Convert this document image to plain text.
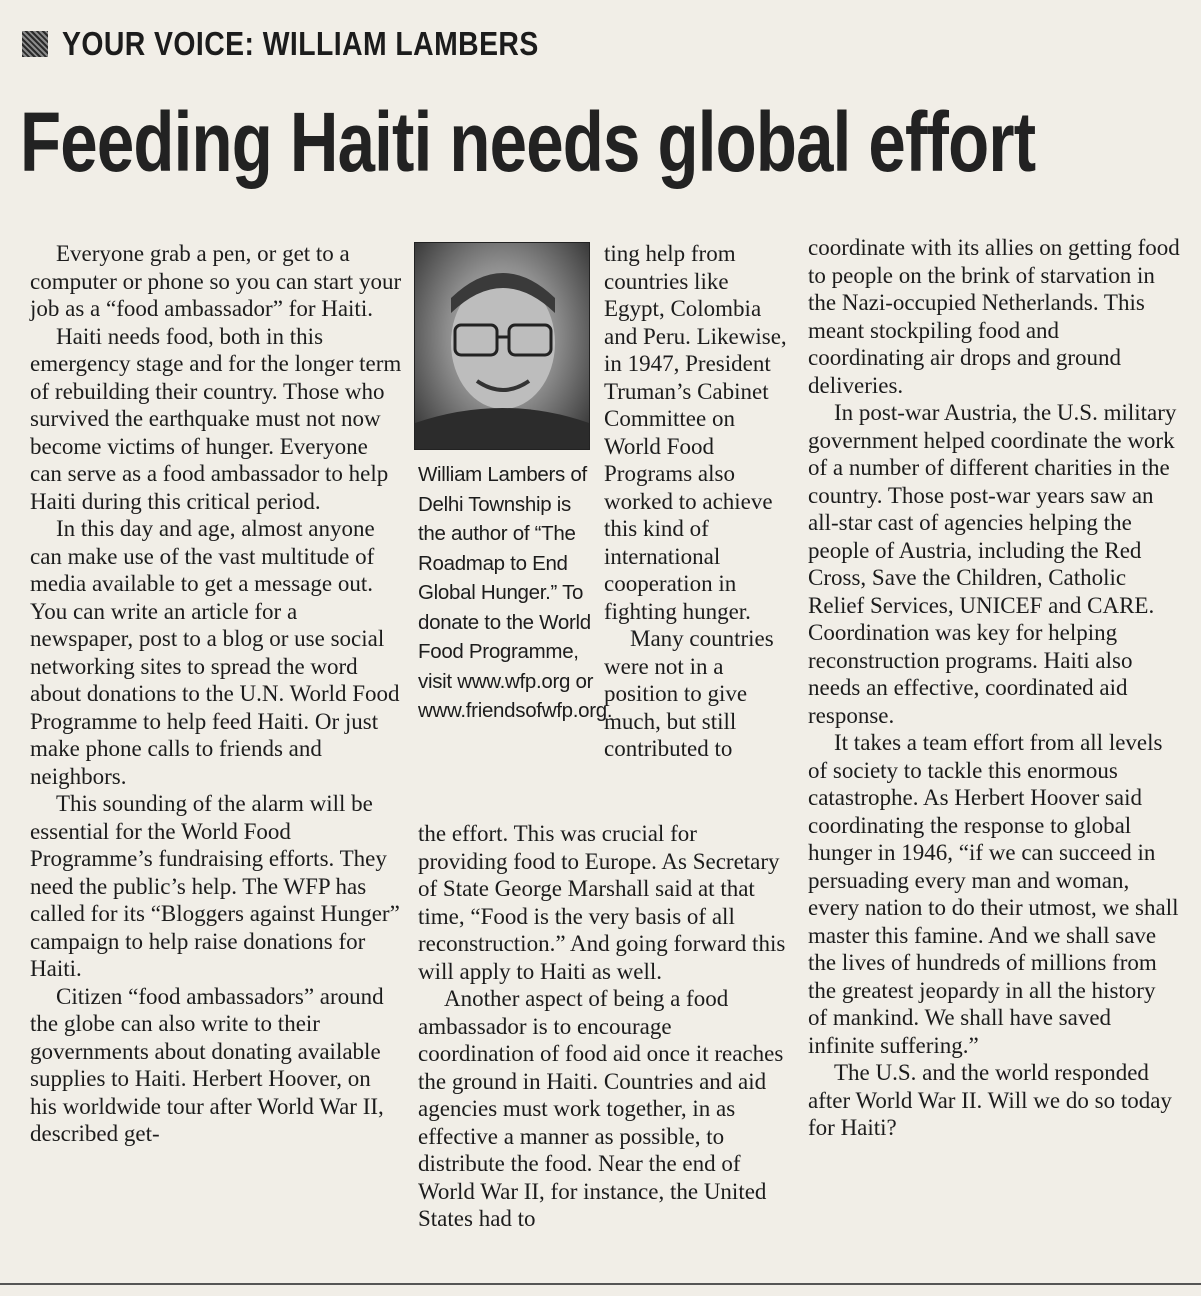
YOUR VOICE: WILLIAM LAMBERS
Feeding Haiti needs global effort

Everyone grab a pen, or get to a computer or phone so you can start your job as a “food ambassador” for Haiti.

Haiti needs food, both in this emergency stage and for the longer term of rebuilding their country. Those who survived the earthquake must not now become victims of hunger. Everyone can serve as a food ambassador to help Haiti during this critical period.

In this day and age, almost anyone can make use of the vast multitude of media available to get a message out. You can write an article for a newspaper, post to a blog or use social networking sites to spread the word about donations to the U.N. World Food Programme to help feed Haiti. Or just make phone calls to friends and neighbors.

This sounding of the alarm will be essential for the World Food Programme’s fundraising efforts. They need the public’s help. The WFP has called for its “Bloggers against Hunger” campaign to help raise donations for Haiti.

Citizen “food ambassadors” around the globe can also write to their governments about donating available supplies to Haiti. Herbert Hoover, on his worldwide tour after World War II, described get-

William Lambers of Delhi Township is the author of “The Roadmap to End Global Hunger.” To donate to the World Food Programme, visit www.wfp.org or www.friendsofwfp.org.

ting help from countries like Egypt, Colombia and Peru. Likewise, in 1947, President Truman’s Cabinet Committee on World Food Programs also worked to achieve this kind of international cooperation in fighting hunger.

Many countries were not in a position to give much, but still contributed to

the effort. This was crucial for providing food to Europe. As Secretary of State George Marshall said at that time, “Food is the very basis of all reconstruction.” And going forward this will apply to Haiti as well.

Another aspect of being a food ambassador is to encourage coordination of food aid once it reaches the ground in Haiti. Countries and aid agencies must work together, in as effective a manner as possible, to distribute the food. Near the end of World War II, for instance, the United States had to

coordinate with its allies on getting food to people on the brink of starvation in the Nazi-occupied Netherlands. This meant stockpiling food and coordinating air drops and ground deliveries.

In post-war Austria, the U.S. military government helped coordinate the work of a number of different charities in the country. Those post-war years saw an all-star cast of agencies helping the people of Austria, including the Red Cross, Save the Children, Catholic Relief Services, UNICEF and CARE. Coordination was key for helping reconstruction programs. Haiti also needs an effective, coordinated aid response.

It takes a team effort from all levels of society to tackle this enormous catastrophe. As Herbert Hoover said coordinating the response to global hunger in 1946, “if we can succeed in persuading every man and woman, every nation to do their utmost, we shall master this famine. And we shall save the lives of hundreds of millions from the greatest jeopardy in all the history of mankind. We shall have saved infinite suffering.”

The U.S. and the world responded after World War II. Will we do so today for Haiti?
